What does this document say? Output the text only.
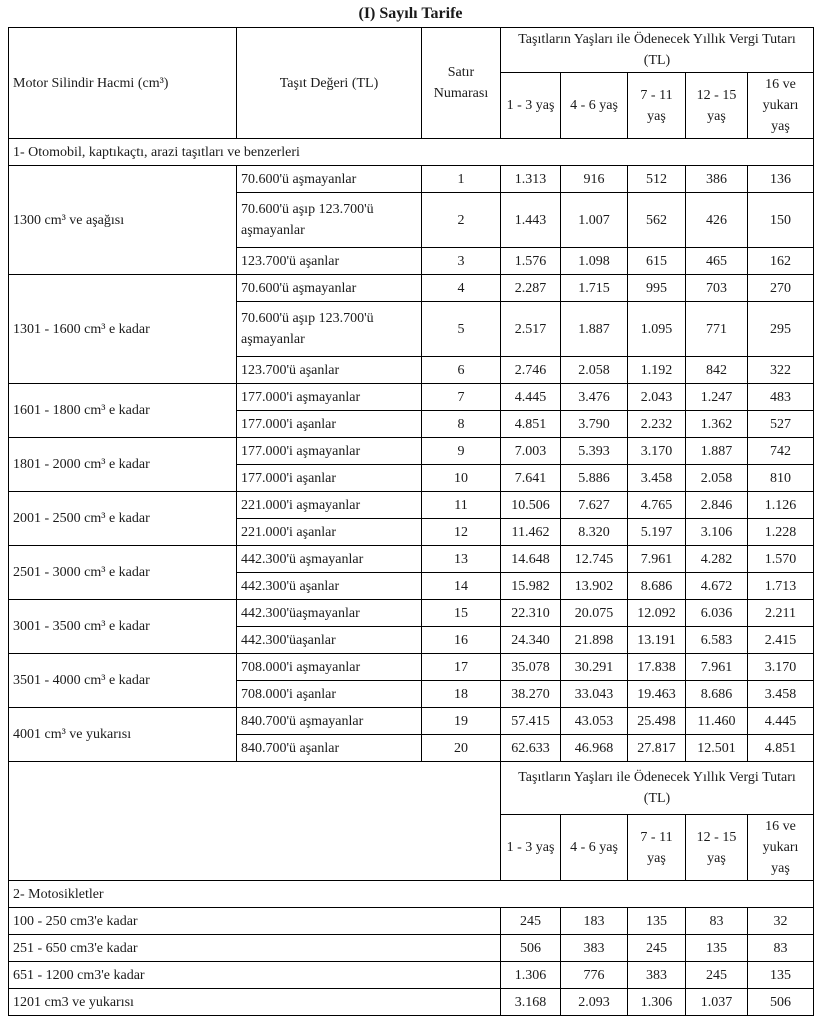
(I) Sayılı Tarife
Motor Silindir Hacmi (cm³)	Taşıt Değeri (TL)	Satır Numarası	Taşıtların Yaşları ile Ödenecek Yıllık Vergi Tutarı (TL)				
			1 - 3 yaş	4 - 6 yaş	7 - 11 yaş	12 - 15 yaş	16 ve yukarı yaş
1- Otomobil, kaptıkaçtı, arazi taşıtları ve benzerleri							
1300 cm³ ve aşağısı	70.600'ü aşmayanlar	1	1.313	916	512	386	136
	70.600'ü aşıp 123.700'ü aşmayanlar	2	1.443	1.007	562	426	150
	123.700'ü aşanlar	3	1.576	1.098	615	465	162
1301 - 1600 cm³ e kadar	70.600'ü aşmayanlar	4	2.287	1.715	995	703	270
	70.600'ü aşıp 123.700'ü aşmayanlar	5	2.517	1.887	1.095	771	295
	123.700'ü aşanlar	6	2.746	2.058	1.192	842	322
1601 - 1800 cm³ e kadar	177.000'i aşmayanlar	7	4.445	3.476	2.043	1.247	483
	177.000'i aşanlar	8	4.851	3.790	2.232	1.362	527
1801 - 2000 cm³ e kadar	177.000'i aşmayanlar	9	7.003	5.393	3.170	1.887	742
	177.000'i aşanlar	10	7.641	5.886	3.458	2.058	810
2001 - 2500 cm³ e kadar	221.000'i aşmayanlar	11	10.506	7.627	4.765	2.846	1.126
	221.000'i aşanlar	12	11.462	8.320	5.197	3.106	1.228
2501 - 3000 cm³ e kadar	442.300'ü aşmayanlar	13	14.648	12.745	7.961	4.282	1.570
	442.300'ü aşanlar	14	15.982	13.902	8.686	4.672	1.713
3001 - 3500 cm³ e kadar	442.300'üaşmayanlar	15	22.310	20.075	12.092	6.036	2.211
	442.300'üaşanlar	16	24.340	21.898	13.191	6.583	2.415
3501 - 4000 cm³ e kadar	708.000'i aşmayanlar	17	35.078	30.291	17.838	7.961	3.170
	708.000'i aşanlar	18	38.270	33.043	19.463	8.686	3.458
4001 cm³ ve yukarısı	840.700'ü aşmayanlar	19	57.415	43.053	25.498	11.460	4.445
	840.700'ü aşanlar	20	62.633	46.968	27.817	12.501	4.851
			Taşıtların Yaşları ile Ödenecek Yıllık Vergi Tutarı (TL)				
			1 - 3 yaş	4 - 6 yaş	7 - 11 yaş	12 - 15 yaş	16 ve yukarı yaş
2- Motosikletler							
100 - 250 cm3'e kadar			245	183	135	83	32
251 - 650 cm3'e kadar			506	383	245	135	83
651 - 1200 cm3'e kadar			1.306	776	383	245	135
1201 cm3 ve yukarısı			3.168	2.093	1.306	1.037	506
